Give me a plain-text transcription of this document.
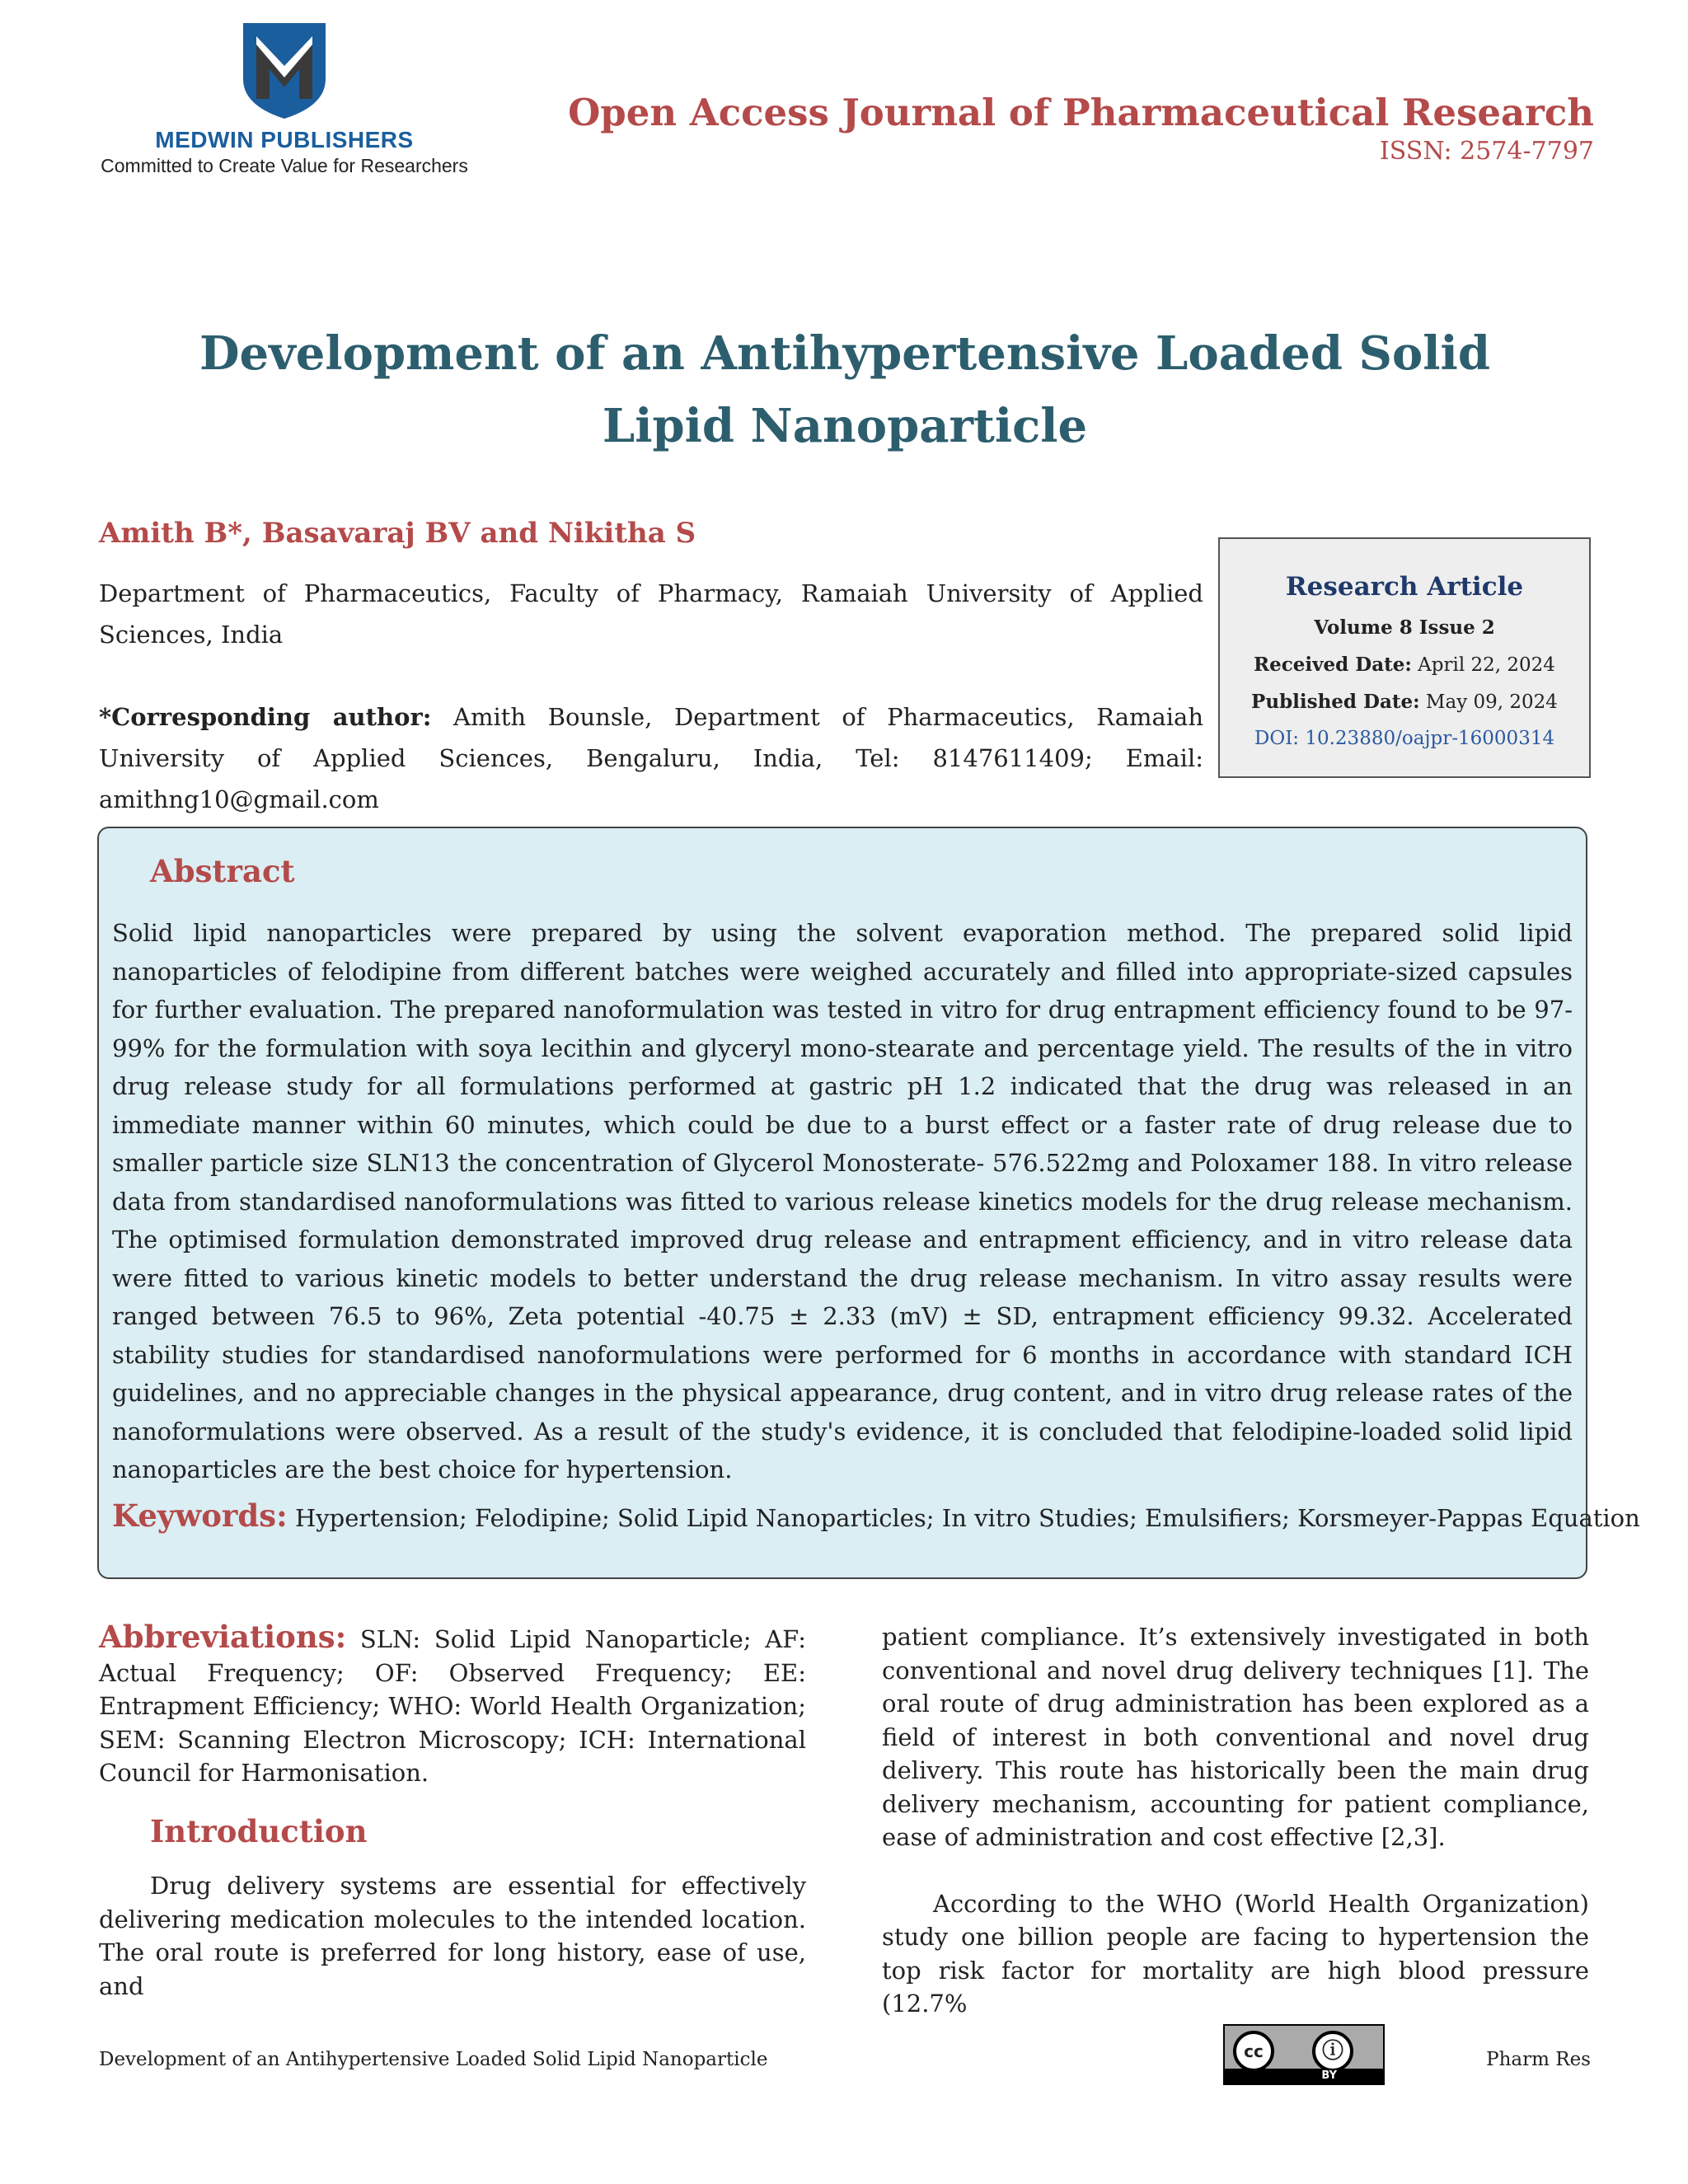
MEDWIN PUBLISHERS
Committed to Create Value for Researchers
Open Access Journal of Pharmaceutical Research
ISSN: 2574-7797
Development of an Antihypertensive Loaded Solid Lipid Nanoparticle
Amith B*, Basavaraj BV and Nikitha S
Department of Pharmaceutics, Faculty of Pharmacy, Ramaiah University of Applied Sciences, India
*Corresponding author: Amith Bounsle, Department of Pharmaceutics, Ramaiah University of Applied Sciences, Bengaluru, India, Tel: 8147611409; Email: amithng10@gmail.com
Research Article
Volume 8 Issue 2
Received Date: April 22, 2024
Published Date: May 09, 2024
DOI: 10.23880/oajpr-16000314
Abstract
Solid lipid nanoparticles were prepared by using the solvent evaporation method. The prepared solid lipid nanoparticles of felodipine from different batches were weighed accurately and filled into appropriate-sized capsules for further evaluation. The prepared nanoformulation was tested in vitro for drug entrapment efficiency found to be 97-99% for the formulation with soya lecithin and glyceryl mono-stearate and percentage yield. The results of the in vitro drug release study for all formulations performed at gastric pH 1.2 indicated that the drug was released in an immediate manner within 60 minutes, which could be due to a burst effect or a faster rate of drug release due to smaller particle size SLN13 the concentration of Glycerol Monosterate- 576.522mg and Poloxamer 188. In vitro release data from standardised nanoformulations was fitted to various release kinetics models for the drug release mechanism. The optimised formulation demonstrated improved drug release and entrapment efficiency, and in vitro release data were fitted to various kinetic models to better understand the drug release mechanism. In vitro assay results were ranged between 76.5 to 96%, Zeta potential -40.75 ± 2.33 (mV) ± SD, entrapment efficiency 99.32. Accelerated stability studies for standardised nanoformulations were performed for 6 months in accordance with standard ICH guidelines, and no appreciable changes in the physical appearance, drug content, and in vitro drug release rates of the nanoformulations were observed. As a result of the study's evidence, it is concluded that felodipine-loaded solid lipid nanoparticles are the best choice for hypertension.
Keywords: Hypertension; Felodipine; Solid Lipid Nanoparticles; In vitro Studies; Emulsifiers; Korsmeyer-Pappas Equation

Abbreviations: SLN: Solid Lipid Nanoparticle; AF: Actual Frequency; OF: Observed Frequency; EE: Entrapment Efficiency; WHO: World Health Organization; SEM: Scanning Electron Microscopy; ICH: International Council for Harmonisation.

Introduction

Drug delivery systems are essential for effectively delivering medication molecules to the intended location. The oral route is preferred for long history, ease of use, and

patient compliance. It’s extensively investigated in both conventional and novel drug delivery techniques [1]. The oral route of drug administration has been explored as a field of interest in both conventional and novel drug delivery. This route has historically been the main drug delivery mechanism, accounting for patient compliance, ease of administration and cost effective [2,3].

According to the WHO (World Health Organization) study one billion people are facing to hypertension the top risk factor for mortality are high blood pressure (12.7%

Development of an Antihypertensive Loaded Solid Lipid Nanoparticle	cc	ⓘ
BY
Pharm Res
